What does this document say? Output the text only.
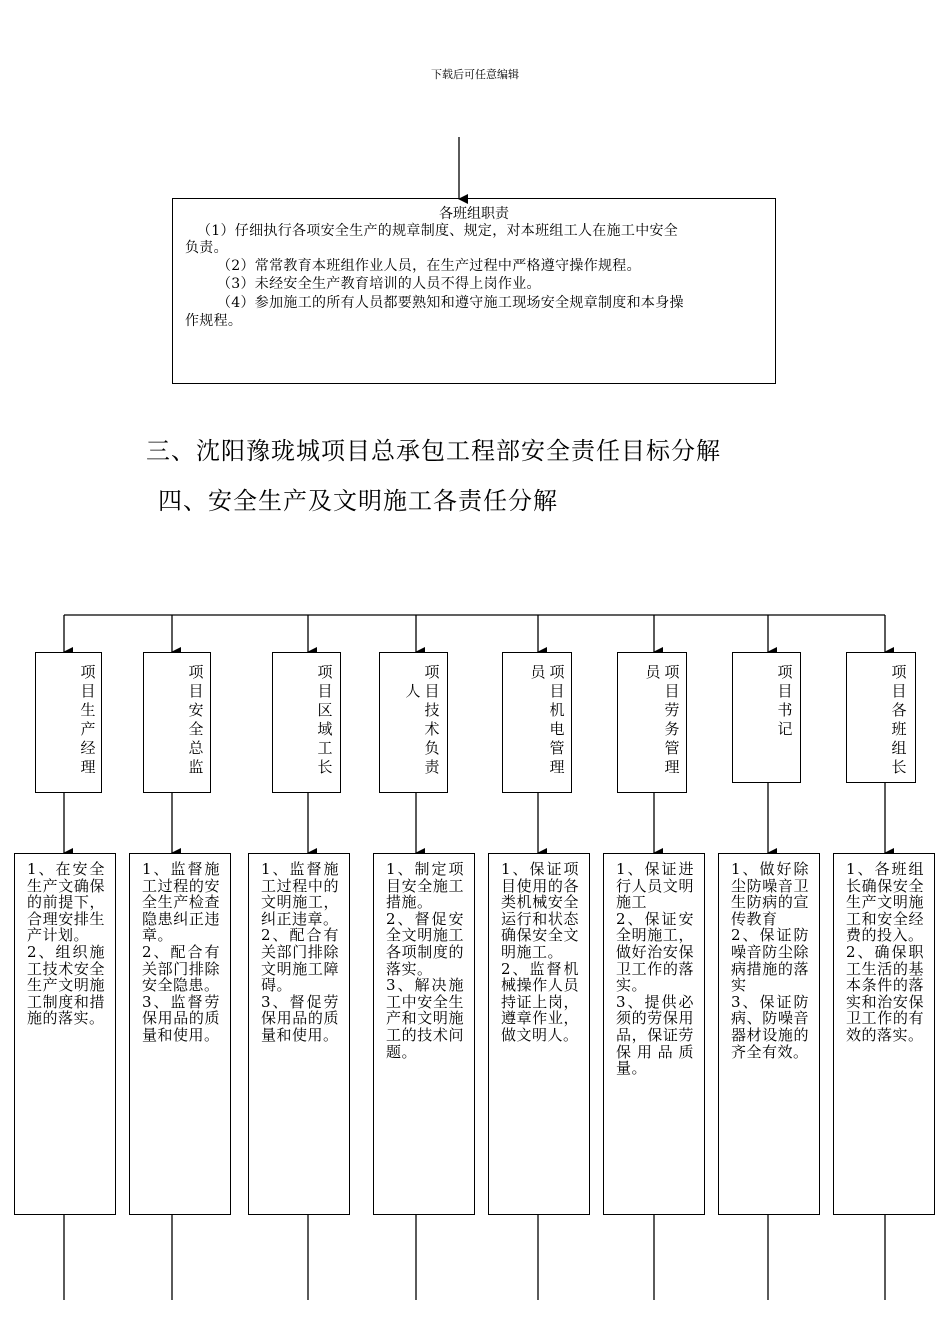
下载后可任意编辑
各班组职责
（1）仔细执行各项安全生产的规章制度、规定，对本班组工人在施工中安全
负责。
（2）常常教育本班组作业人员，在生产过程中严格遵守操作规程。
（3）未经安全生产教育培训的人员不得上岗作业。
（4）参加施工的所有人员都要熟知和遵守施工现场安全规章制度和本身操
作规程。
三、沈阳豫珑城项目总承包工程部安全责任目标分解
四、安全生产及文明施工各责任分解
项目生产经理
项目安全总监
项目区域工长
项目技术负责
人
项目机电管理
员	项目劳务管理
员	项目书记
项目各班组长

1、在安全生产文确保的前提下，合理安排生产计划。
2、组织施工技术安全生产文明施工制度和措施的落实。

1、监督施工过程的安全生产检查隐患纠正违章。
2、配合有关部门排除安全隐患。
3、监督劳保用品的质量和使用。

1、监督施工过程中的文明施工，纠正违章。
2、配合有关部门排除文明施工障碍。
3、督促劳保用品的质量和使用。

1、制定项目安全施工措施。
2、督促安全文明施工各项制度的落实。
3、解决施工中安全生产和文明施工的技术问题。

1、保证项目使用的各类机械安全运行和状态确保安全文明施工。
2、监督机械操作人员持证上岗，遵章作业，做文明人。

1、保证进行人员文明施工
2、保证安全明施工，做好治安保卫工作的落实。
3、提供必须的劳保用品，保证劳保用品质量。

1、做好除尘防噪音卫生防病的宣传教育
2、保证防噪音防尘除病措施的落实
3、保证防病、防噪音器材设施的齐全有效。

1、各班组长确保安全生产文明施工和安全经费的投入。
2、确保职工生活的基本条件的落实和治安保卫工作的有效的落实。
